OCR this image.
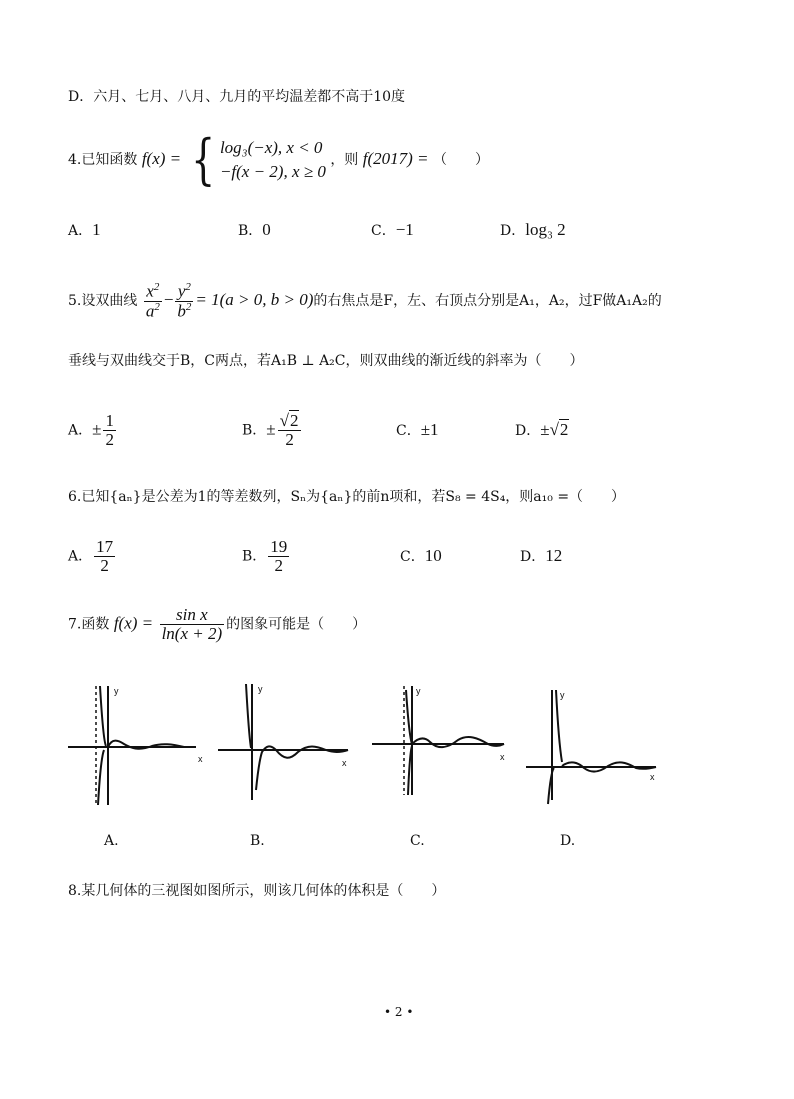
D．六月、七月、八月、九月的平均温差都不高于10度
4.已知函数 f(x) = { log₃(−x), x < 0
−f(x − 2), x ≥ 0
，则 f(2017) = （　　）
A．1	B．0	C．−1	D．log₃ 2
5.设双曲线 $\frac{x^2}{a^2} - \frac{y^2}{b^2} = 1(a > 0$, b > 0)的右焦点是F，左、右顶点分别是A₁，A₂，过F做A₁A₂的
垂线与双曲线交于B，C两点，若A₁B ⊥ A₂C，则双曲线的渐近线的斜率为（　　）
A．± $\frac{1}{2}$	B．± $\frac{√2}{2}$	C．±1	D．±√2
6.已知{aₙ}是公差为1的等差数列，Sₙ为{aₙ}的前n项和，若S₈ = 4S₄，则a₁₀ =（　　）
A． $\frac{17}{2}$	B． $\frac{19}{2}$	C．10	D．12
7.函数 $f(x) = \frac{\text{sin x}}{\ln(x + 2)}$ 的图象可能是（　　）
y
x
y
x
y
x
y
x
A.	B.	C.	D.
8.某几何体的三视图如图所示，则该几何体的体积是（　　）
• 2 •
